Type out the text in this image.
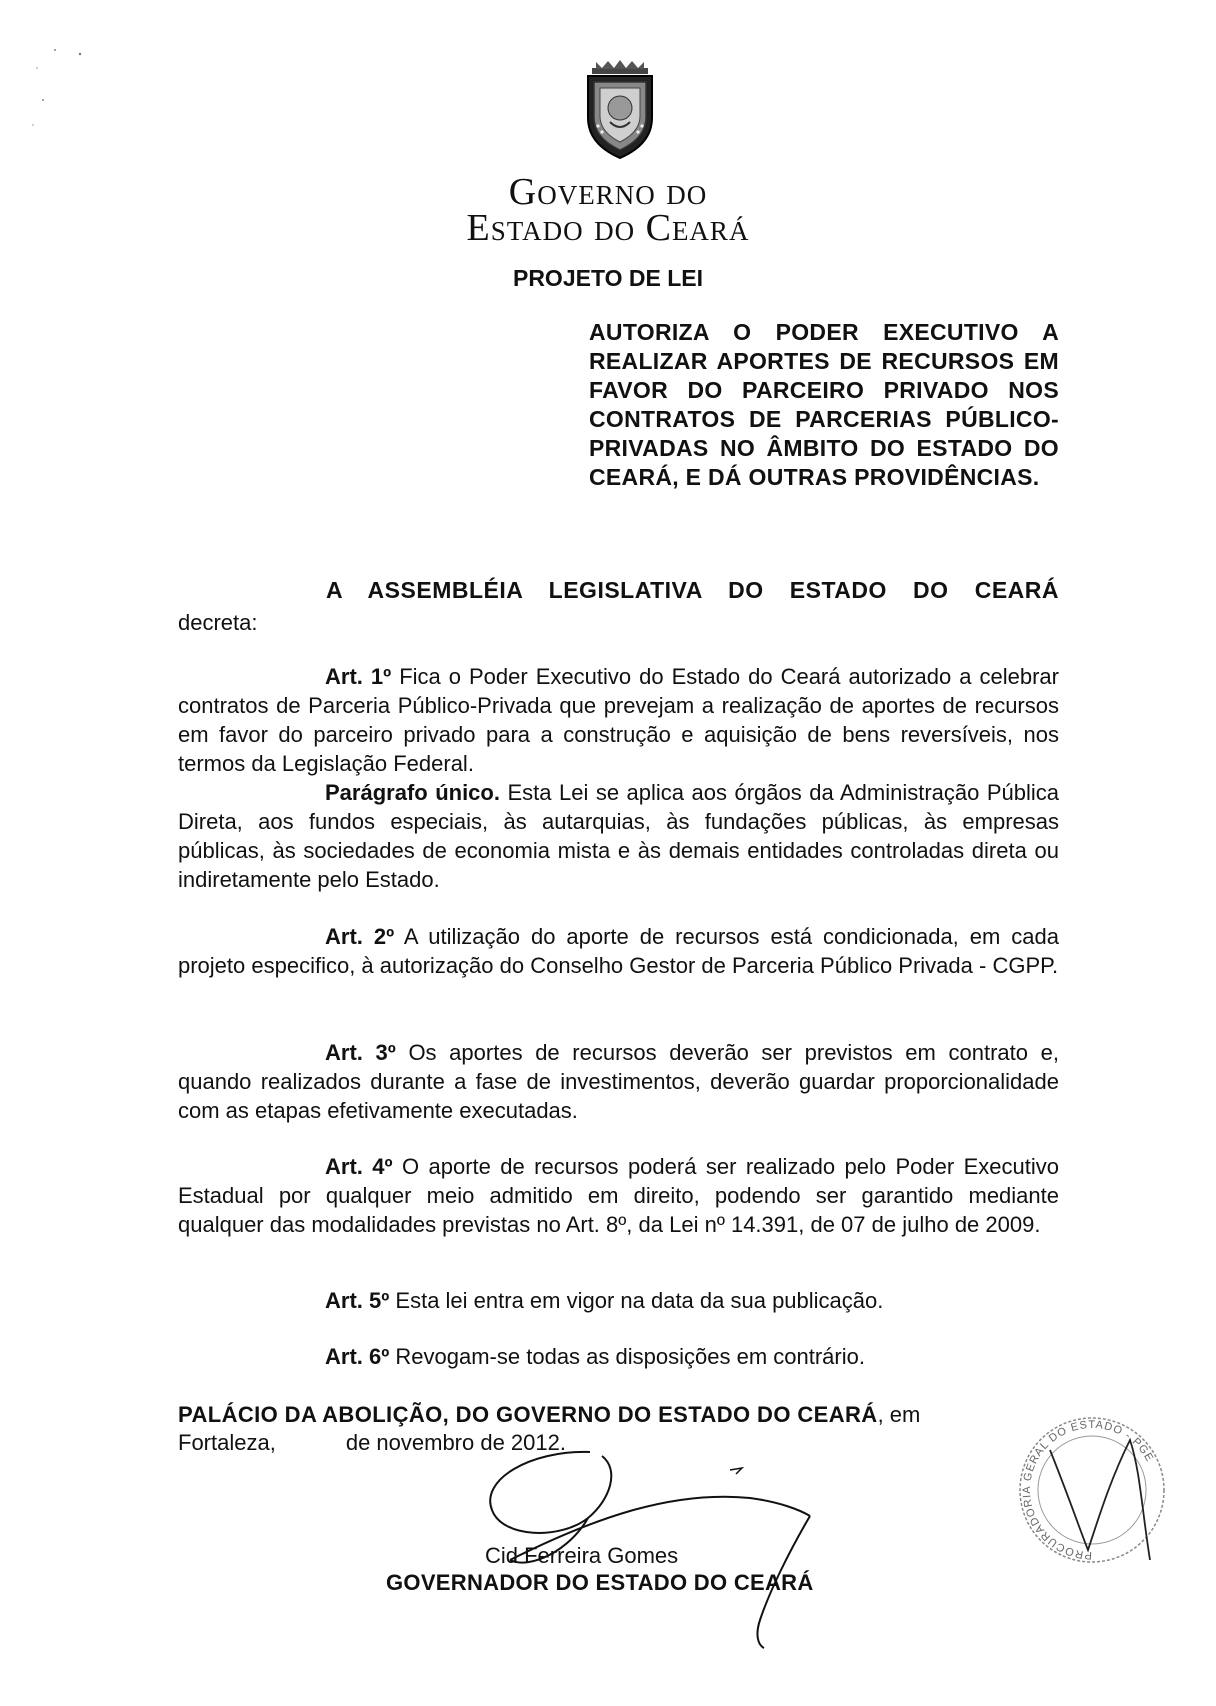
Governo do
Estado do Ceará
PROJETO DE LEI
AUTORIZA O PODER EXECUTIVO A REALIZAR APORTES DE RECURSOS EM FAVOR DO PARCEIRO PRIVADO NOS CONTRATOS DE PARCERIAS PÚBLICO-PRIVADAS NO ÂMBITO DO ESTADO DO CEARÁ, E DÁ OUTRAS PROVIDÊNCIAS.
A ASSEMBLÉIA LEGISLATIVA DO ESTADO DO CEARÁ
decreta:
Art. 1º Fica o Poder Executivo do Estado do Ceará autorizado a celebrar contratos de Parceria Público-Privada que prevejam a realização de aportes de recursos em favor do parceiro privado para a construção e aquisição de bens reversíveis, nos termos da Legislação Federal.
Parágrafo único. Esta Lei se aplica aos órgãos da Administração Pública Direta, aos fundos especiais, às autarquias, às fundações públicas, às empresas públicas, às sociedades de economia mista e às demais entidades controladas direta ou indiretamente pelo Estado.
Art. 2º A utilização do aporte de recursos está condicionada, em cada projeto especifico, à autorização do Conselho Gestor de Parceria Público Privada - CGPP.
Art. 3º Os aportes de recursos deverão ser previstos em contrato e, quando realizados durante a fase de investimentos, deverão guardar proporcionalidade com as etapas efetivamente executadas.
Art. 4º O aporte de recursos poderá ser realizado pelo Poder Executivo Estadual por qualquer meio admitido em direito, podendo ser garantido mediante qualquer das modalidades previstas no Art. 8º, da Lei nº 14.391, de 07 de julho de 2009.
Art. 5º Esta lei entra em vigor na data da sua publicação.
Art. 6º Revogam-se todas as disposições em contrário.
PALÁCIO DA ABOLIÇÃO, DO GOVERNO DO ESTADO DO CEARÁ, em
Fortaleza,	de novembro de 2012.
Cid Ferreira Gomes
GOVERNADOR DO ESTADO DO CEARÁ
PROCURADORIA GERAL DO ESTADO - PGE
